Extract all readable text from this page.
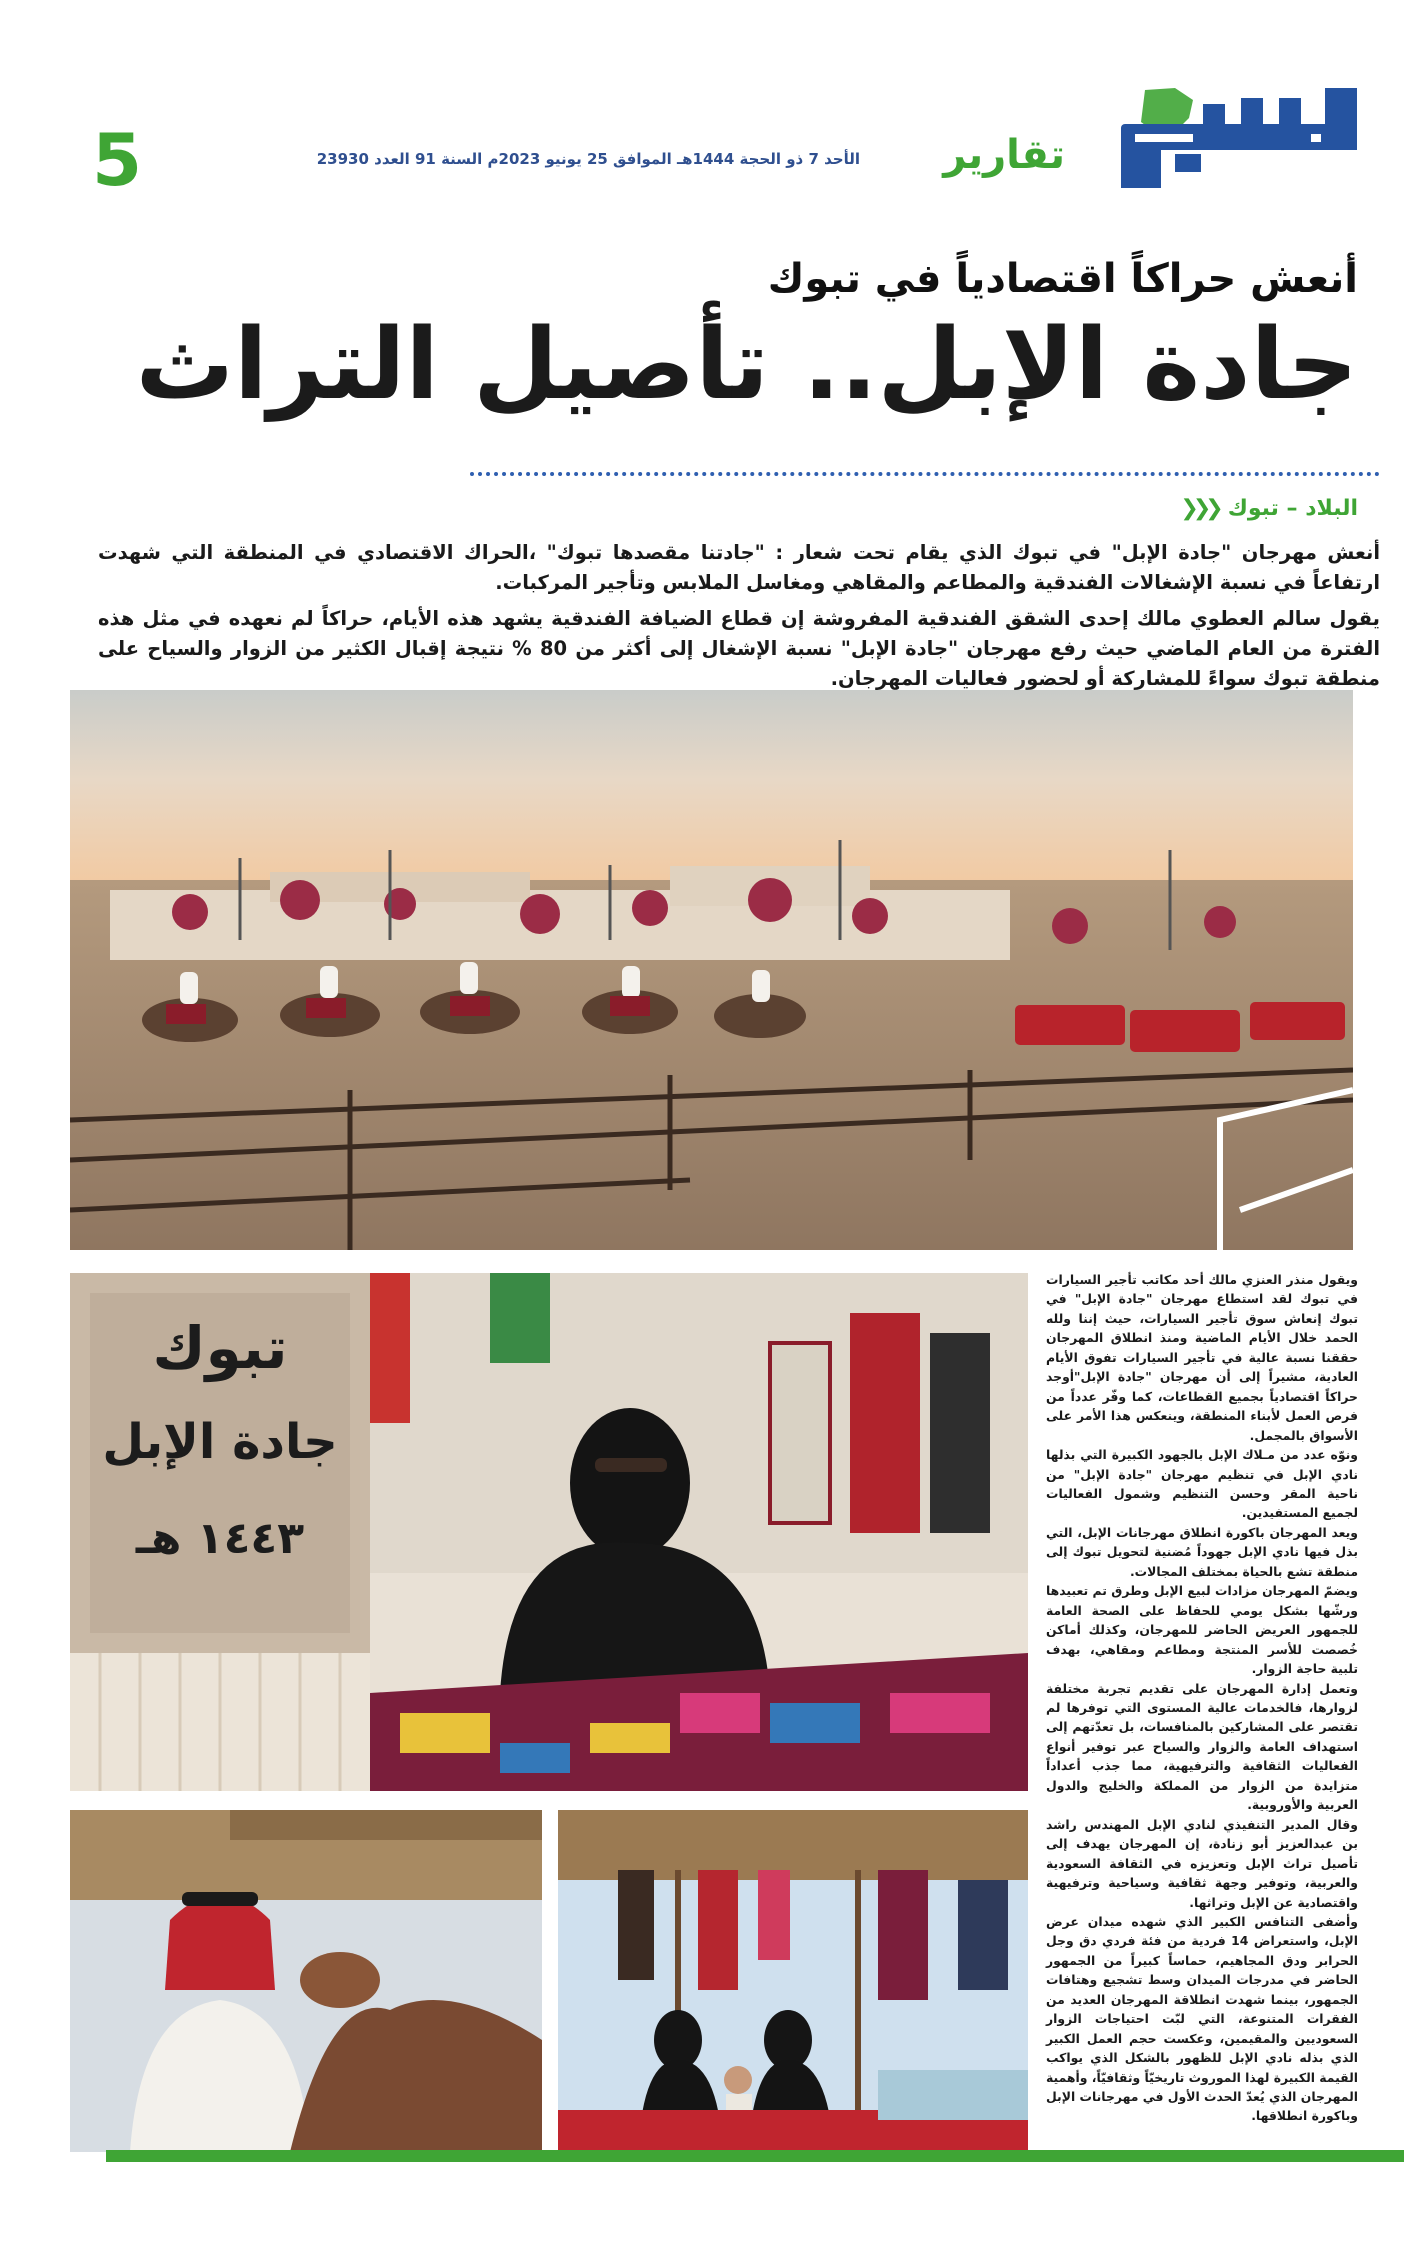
5	الأحد 7 ذو الحجة 1444هـ الموافق 25 يونيو 2023م السنة 91 العدد 23930	تقارير
أنعش حراكاً اقتصادياً في تبوك
جادة الإبل.. تأصيل التراث
البلاد – تبوك
❮❮❮

أنعش مهرجان "جادة الإبل" في تبوك الذي يقام تحت شعار : "جادتنا مقصدها تبوك" ،الحراك الاقتصادي في المنطقة التي شهدت ارتفاعاً في نسبة الإشغالات الفندقية والمطاعم والمقاهي ومغاسل الملابس وتأجير المركبات.

يقول سالم العطوي مالك إحدى الشقق الفندقية المفروشة إن قطاع الضيافة الفندقية يشهد هذه الأيام، حراكاً لم نعهده في مثل هذه الفترة من العام الماضي حيث رفع مهرجان "جادة الإبل" نسبة الإشغال إلى أكثر من 80 % نتيجة إقبال الكثير من الزوار والسياح على منطقة تبوك سواءً للمشاركة أو لحضور فعاليات المهرجان.

تبوك
جادة الإبل
١٤٤٣ هـ

ويقول منذر العنزي مالك أحد مكاتب تأجير السيارات في تبوك لقد استطاع مهرجان "جادة الإبل" في تبوك إنعاش سوق تأجير السيارات، حيث إننا ولله الحمد خلال الأيام الماضية ومنذ انطلاق المهرجان حققنا نسبة عالية في تأجير السيارات تفوق الأيام العادية، مشيراً إلى أن مهرجان "جادة الإبل"أوجد حراكاً اقتصادياً بجميع القطاعات، كما وفّر عدداً من فرص العمل لأبناء المنطقة، وينعكس هذا الأمر على الأسواق بالمجمل.

ونوّه عدد من مـلاك الإبل بالجهود الكبيرة التي بذلها نادي الإبل في تنظيم مهرجان "جادة الإبل" من ناحية المقر وحسن التنظيم وشمول الفعاليات لجميع المستفيدين.

ويعد المهرجان باكورة انطلاق مهرجانات الإبل، التي بذل فيها نادي الإبل جهوداً مُضنية لتحويل تبوك إلى منطقة تشع بالحياة بمختلف المجالات.

ويضمّ المهرجان مزادات لبيع الإبل وطرق تم تعبيدها ورشّها بشكل يومي للحفاظ على الصحة العامة للجمهور العريض الحاضر للمهرجان، وكذلك أماكن خُصصت للأسر المنتجة ومطاعم ومقاهي، بهدف تلبية حاجة الزوار.

وتعمل إدارة المهرجان على تقديم تجربة مختلفة لزوارها، فالخدمات عالية المستوى التي توفرها لم تقتصر على المشاركين بالمنافسات، بل تعدّتهم إلى استهداف العامة والزوار والسياح عبر توفير أنواع الفعاليات الثقافية والترفيهية، مما جذب أعداداً متزايدة من الزوار من المملكة والخليج والدول العربية والأوروبية.

وقال المدير التنفيذي لنادي الإبل المهندس راشد بن عبدالعزيز أبو زنادة، إن المهرجان يهدف إلى تأصيل تراث الإبل وتعزيزه في الثقافة السعودية والعربية، وتوفير وجهة ثقافية وسياحية وترفيهية واقتصادية عن الإبل وتراثها.

وأضفى التنافس الكبير الذي شهده ميدان عرض الإبل، واستعراض 14 فردية من فئة فردي دق وجل الحرابر ودق المجاهيم، حماساً كبيراً من الجمهور الحاضر في مدرجات الميدان وسط تشجيع وهتافات الجمهور، بينما شهدت انطلاقة المهرجان العديد من الفقرات المتنوعة، التي لبّت احتياجات الزوار السعوديين والمقيمين، وعكست حجم العمل الكبير الذي بذله نادي الإبل للظهور بالشكل الذي يواكب القيمة الكبيرة لهذا الموروث تاريخيّاً وثقافيّاً، وأهمية المهرجان الذي يُعدّ الحدث الأول في مهرجانات الإبل وباكورة انطلاقها.
